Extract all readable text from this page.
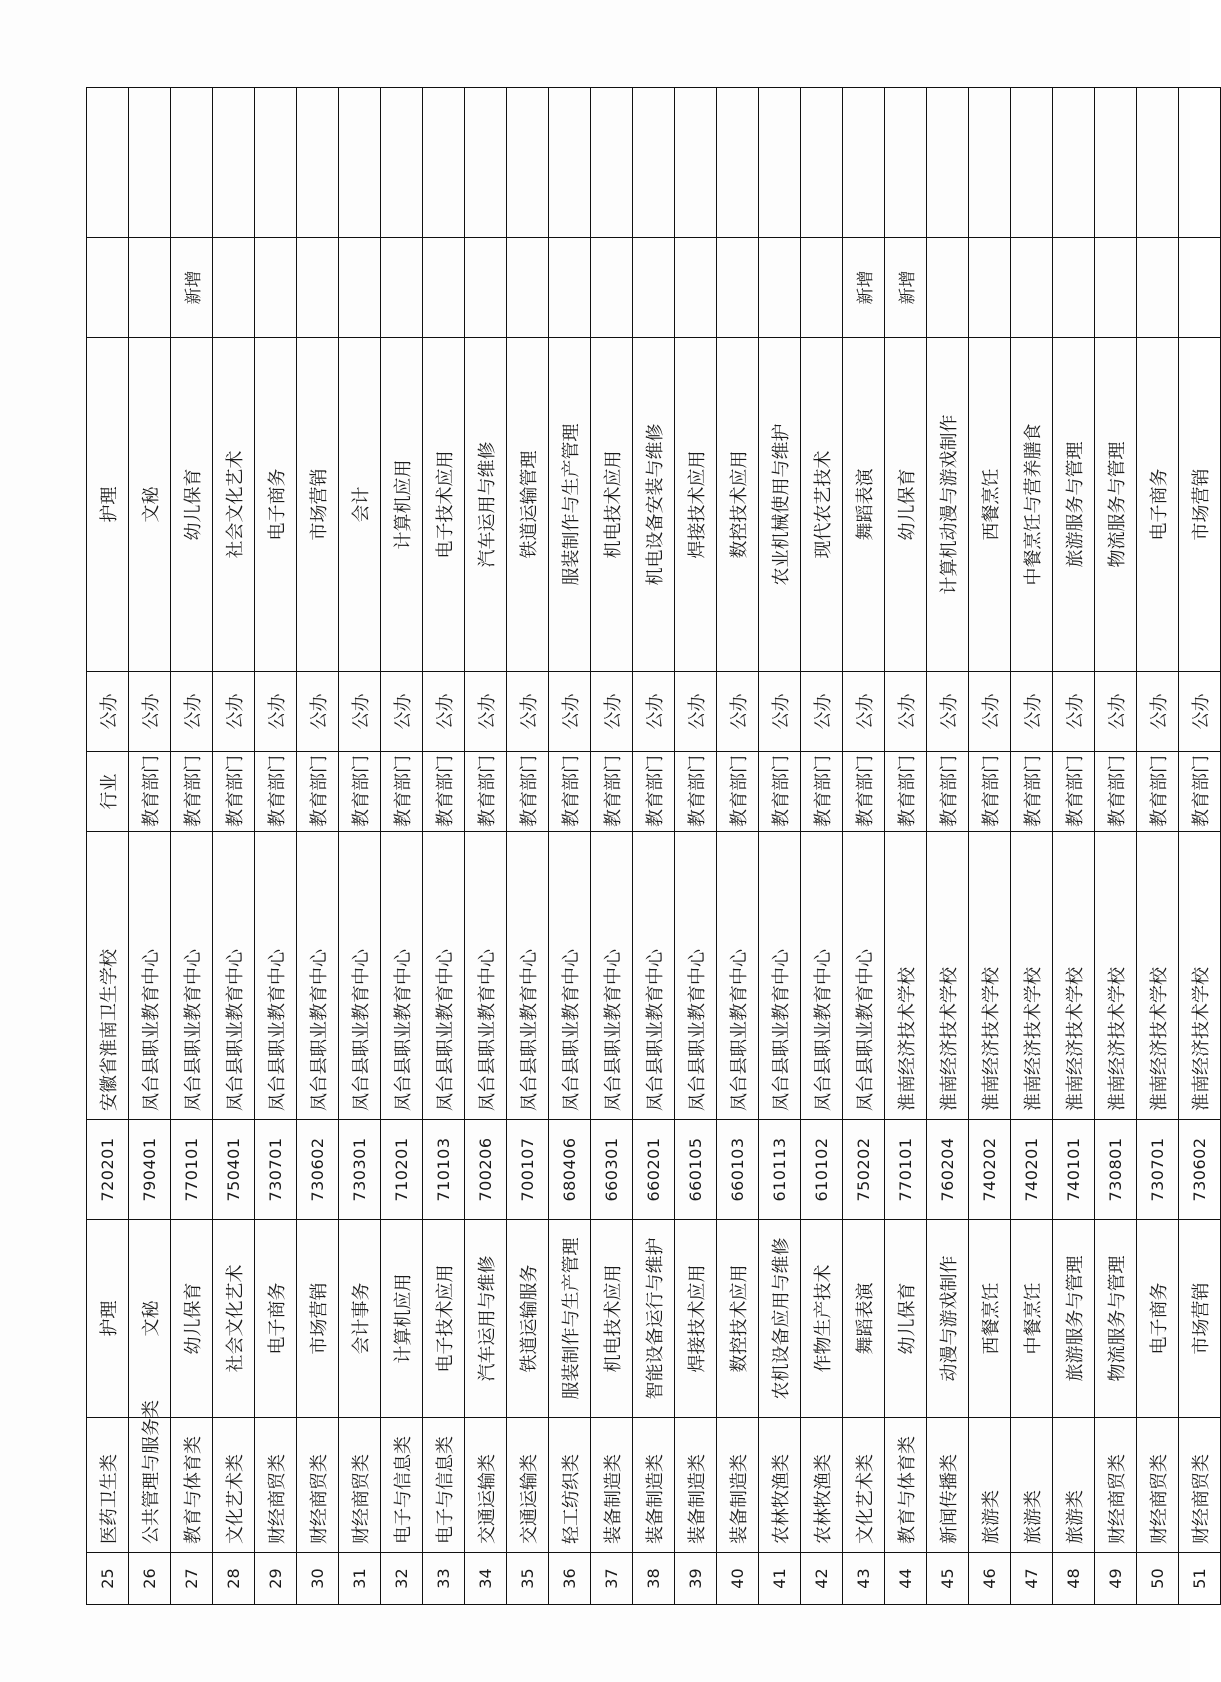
25	医药卫生类	护理	720201	安徽省淮南卫生学校	行业	公办	护理		
26	公共管理与服务类	文秘	790401	凤台县职业教育中心	教育部门	公办	文秘		
27	教育与体育类	幼儿保育	770101	凤台县职业教育中心	教育部门	公办	幼儿保育	新增	
28	文化艺术类	社会文化艺术	750401	凤台县职业教育中心	教育部门	公办	社会文化艺术		
29	财经商贸类	电子商务	730701	凤台县职业教育中心	教育部门	公办	电子商务		
30	财经商贸类	市场营销	730602	凤台县职业教育中心	教育部门	公办	市场营销		
31	财经商贸类	会计事务	730301	凤台县职业教育中心	教育部门	公办	会计		
32	电子与信息类	计算机应用	710201	凤台县职业教育中心	教育部门	公办	计算机应用		
33	电子与信息类	电子技术应用	710103	凤台县职业教育中心	教育部门	公办	电子技术应用		
34	交通运输类	汽车运用与维修	700206	凤台县职业教育中心	教育部门	公办	汽车运用与维修		
35	交通运输类	铁道运输服务	700107	凤台县职业教育中心	教育部门	公办	铁道运输管理		
36	轻工纺织类	服装制作与生产管理	680406	凤台县职业教育中心	教育部门	公办	服装制作与生产管理		
37	装备制造类	机电技术应用	660301	凤台县职业教育中心	教育部门	公办	机电技术应用		
38	装备制造类	智能设备运行与维护	660201	凤台县职业教育中心	教育部门	公办	机电设备安装与维修		
39	装备制造类	焊接技术应用	660105	凤台县职业教育中心	教育部门	公办	焊接技术应用		
40	装备制造类	数控技术应用	660103	凤台县职业教育中心	教育部门	公办	数控技术应用		
41	农林牧渔类	农机设备应用与维修	610113	凤台县职业教育中心	教育部门	公办	农业机械使用与维护		
42	农林牧渔类	作物生产技术	610102	凤台县职业教育中心	教育部门	公办	现代农艺技术		
43	文化艺术类	舞蹈表演	750202	凤台县职业教育中心	教育部门	公办	舞蹈表演	新增	
44	教育与体育类	幼儿保育	770101	淮南经济技术学校	教育部门	公办	幼儿保育	新增	
45	新闻传播类	动漫与游戏制作	760204	淮南经济技术学校	教育部门	公办	计算机动漫与游戏制作		
46	旅游类	西餐烹饪	740202	淮南经济技术学校	教育部门	公办	西餐烹饪		
47	旅游类	中餐烹饪	740201	淮南经济技术学校	教育部门	公办	中餐烹饪与营养膳食		
48	旅游类	旅游服务与管理	740101	淮南经济技术学校	教育部门	公办	旅游服务与管理		
49	财经商贸类	物流服务与管理	730801	淮南经济技术学校	教育部门	公办	物流服务与管理		
50	财经商贸类	电子商务	730701	淮南经济技术学校	教育部门	公办	电子商务		
51	财经商贸类	市场营销	730602	淮南经济技术学校	教育部门	公办	市场营销		
